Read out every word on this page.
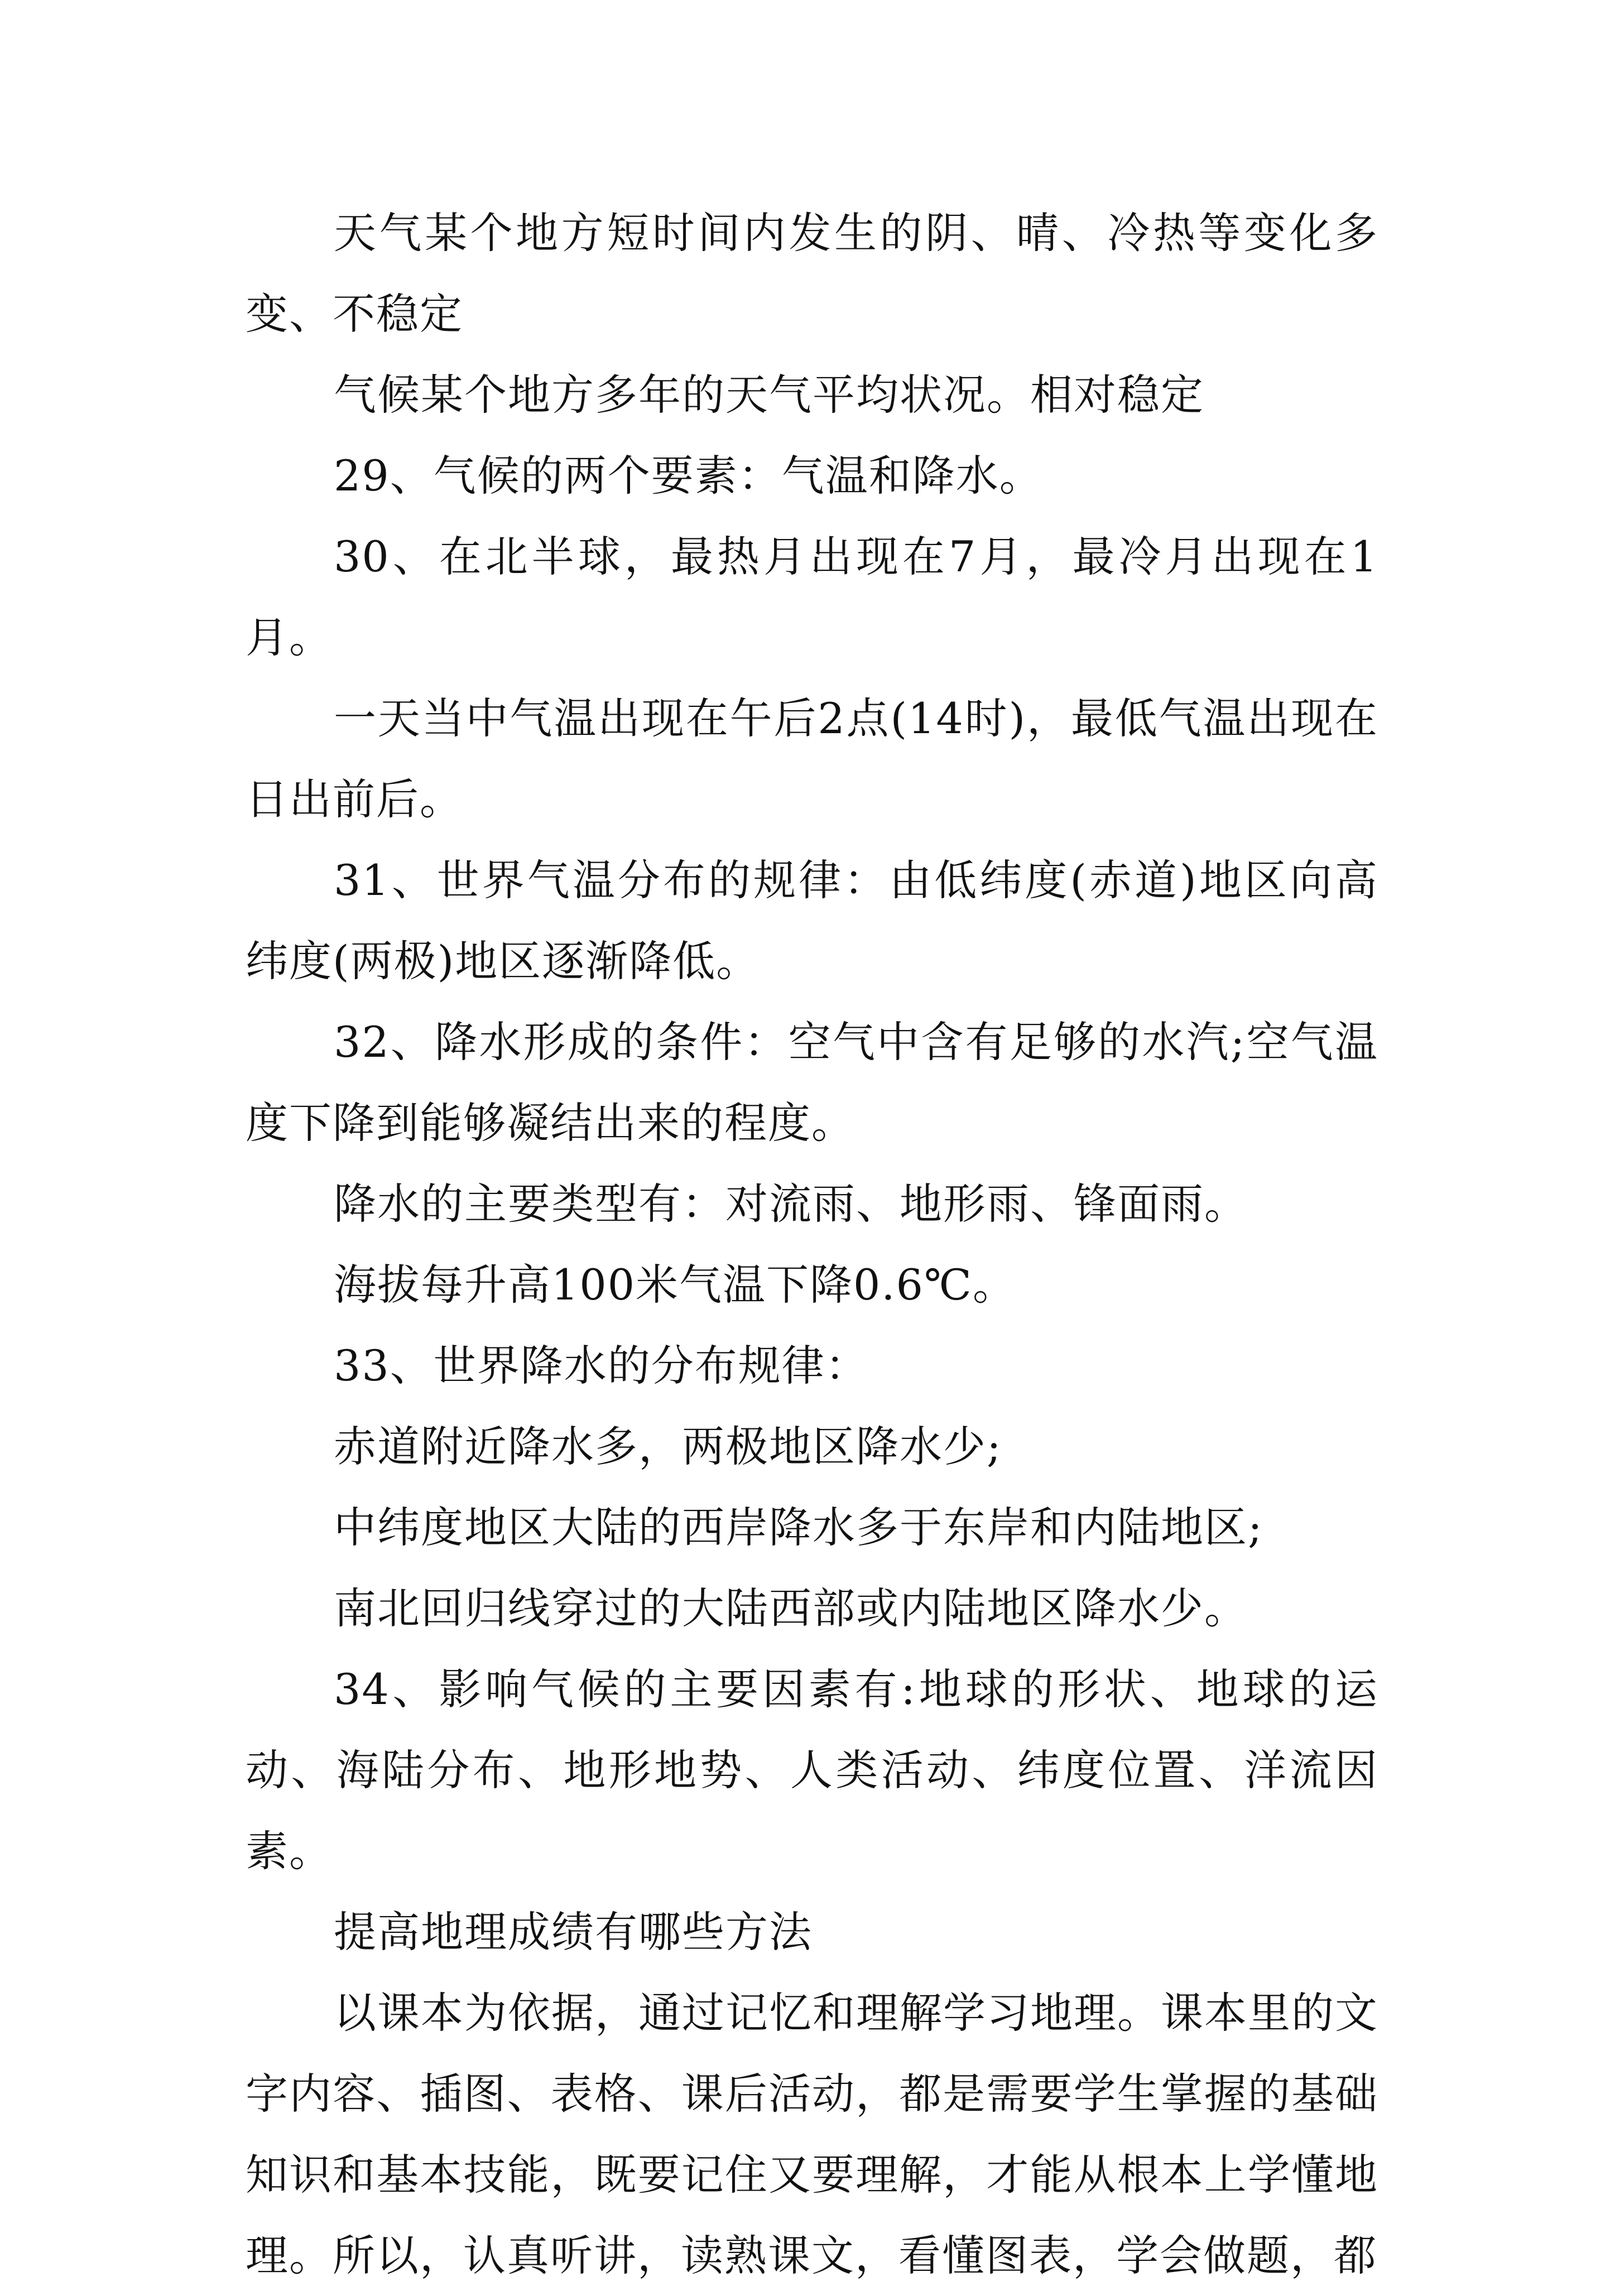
天气某个地方短时间内发生的阴、晴、冷热等变化多变、不稳定

气候某个地方多年的天气平均状况。相对稳定

29、气候的两个要素：气温和降水。

30、在北半球，最热月出现在7月，最冷月出现在1月。

一天当中气温出现在午后2点(14时)，最低气温出现在日出前后。

31、世界气温分布的规律：由低纬度(赤道)地区向高纬度(两极)地区逐渐降低。

32、降水形成的条件：空气中含有足够的水汽;空气温度下降到能够凝结出来的程度。

降水的主要类型有：对流雨、地形雨、锋面雨。

海拔每升高100米气温下降0.6℃。

33、世界降水的分布规律：

赤道附近降水多，两极地区降水少;

中纬度地区大陆的西岸降水多于东岸和内陆地区;

南北回归线穿过的大陆西部或内陆地区降水少。

34、影响气候的主要因素有:地球的形状、地球的运动、海陆分布、地形地势、人类活动、纬度位置、洋流因素。

提高地理成绩有哪些方法

以课本为依据，通过记忆和理解学习地理。课本里的文字内容、插图、表格、课后活动，都是需要学生掌握的基础知识和基本技能，既要记住又要理解，才能从根本上学懂地理。所以，认真听讲，读熟课文，看懂图表，学会做题，都
